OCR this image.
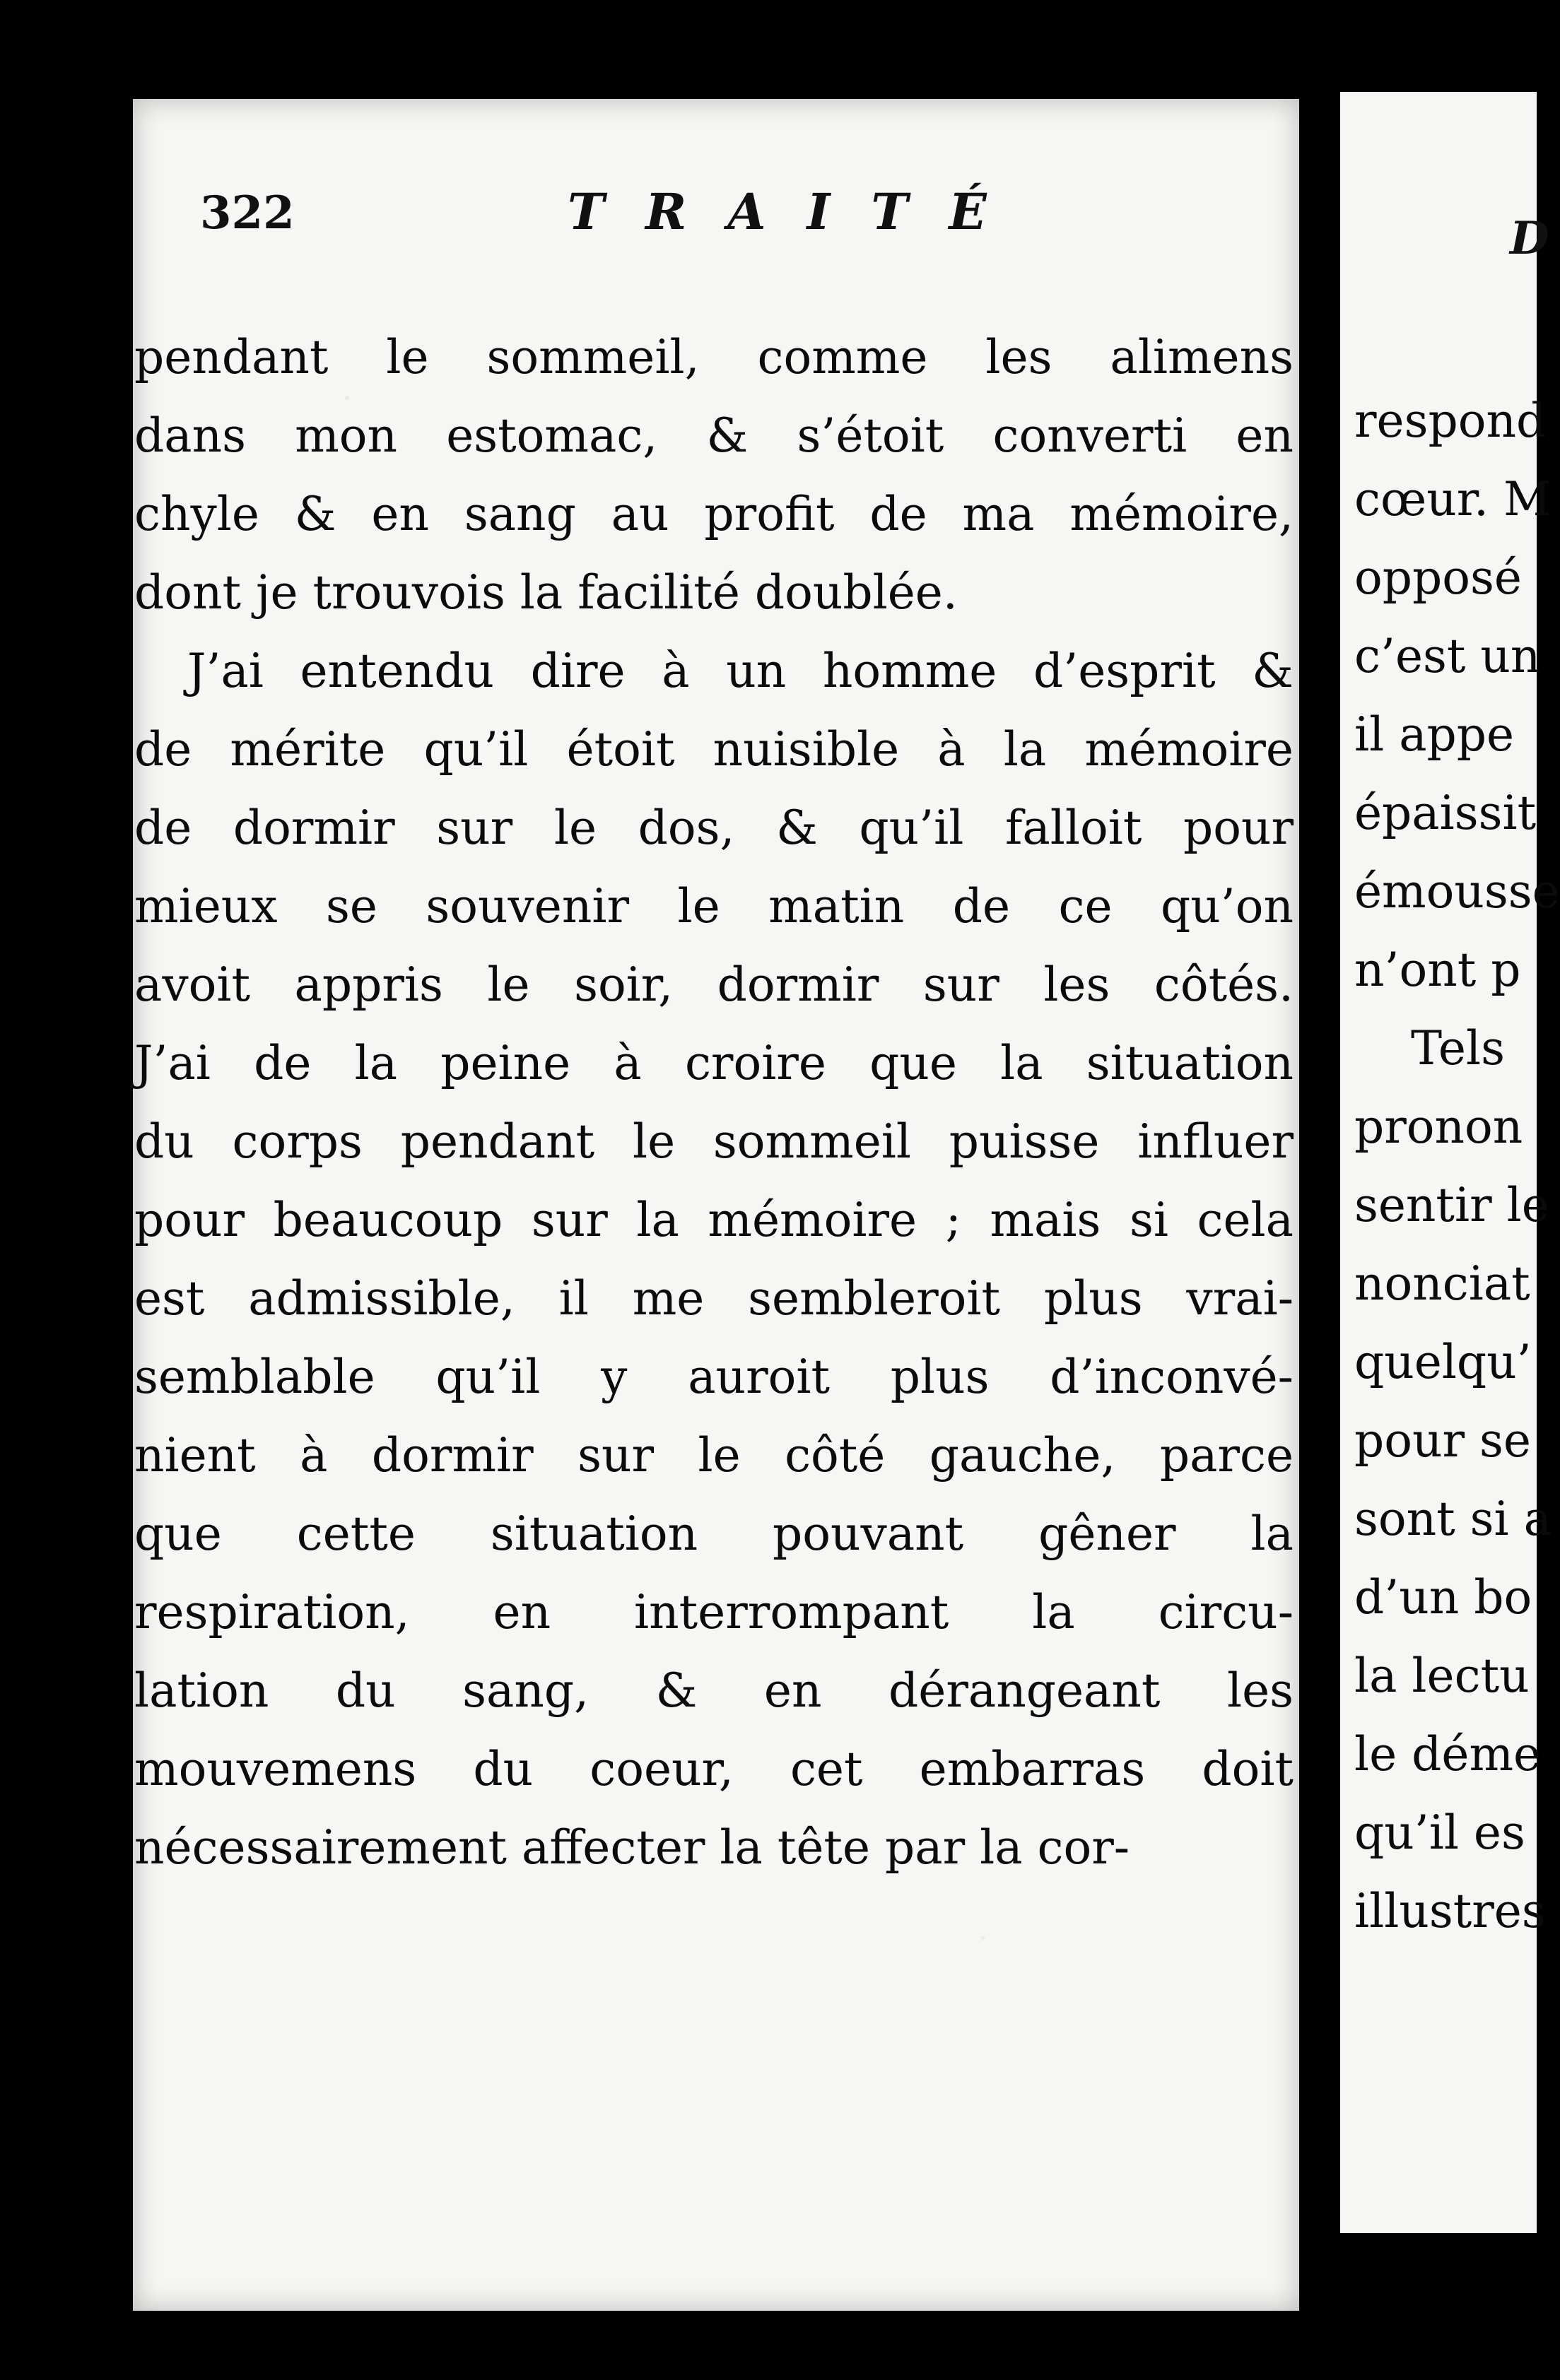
322	TRAITÉ
pendant le sommeil, comme les alimens
dans mon estomac, & s’étoit converti en
chyle & en sang au profit de ma mémoire,
dont je trouvois la facilité doublée.
J’ai entendu dire à un homme d’esprit &
de mérite qu’il étoit nuisible à la mémoire
de dormir sur le dos, & qu’il falloit pour
mieux se souvenir le matin de ce qu’on
avoit appris le soir, dormir sur les côtés.
J’ai de la peine à croire que la situation
du corps pendant le sommeil puisse influer
pour beaucoup sur la mémoire ; mais si cela
est admissible, il me sembleroit plus vrai-
semblable qu’il y auroit plus d’inconvé-
nient à dormir sur le côté gauche, parce
que cette situation pouvant gêner la
respiration, en interrompant la circu-
lation du sang, & en dérangeant les
mouvemens du coeur, cet embarras doit
nécessairement affecter la tête par la cor-
D
respond
cœur. M
opposé
c’est un
il appe
épaissit
émousse
n’ont p
Tels
pronon
sentir le
nonciat
quelqu’
pour se
sont si a
d’un bo
la lectu
le déme
qu’il es
illustres
